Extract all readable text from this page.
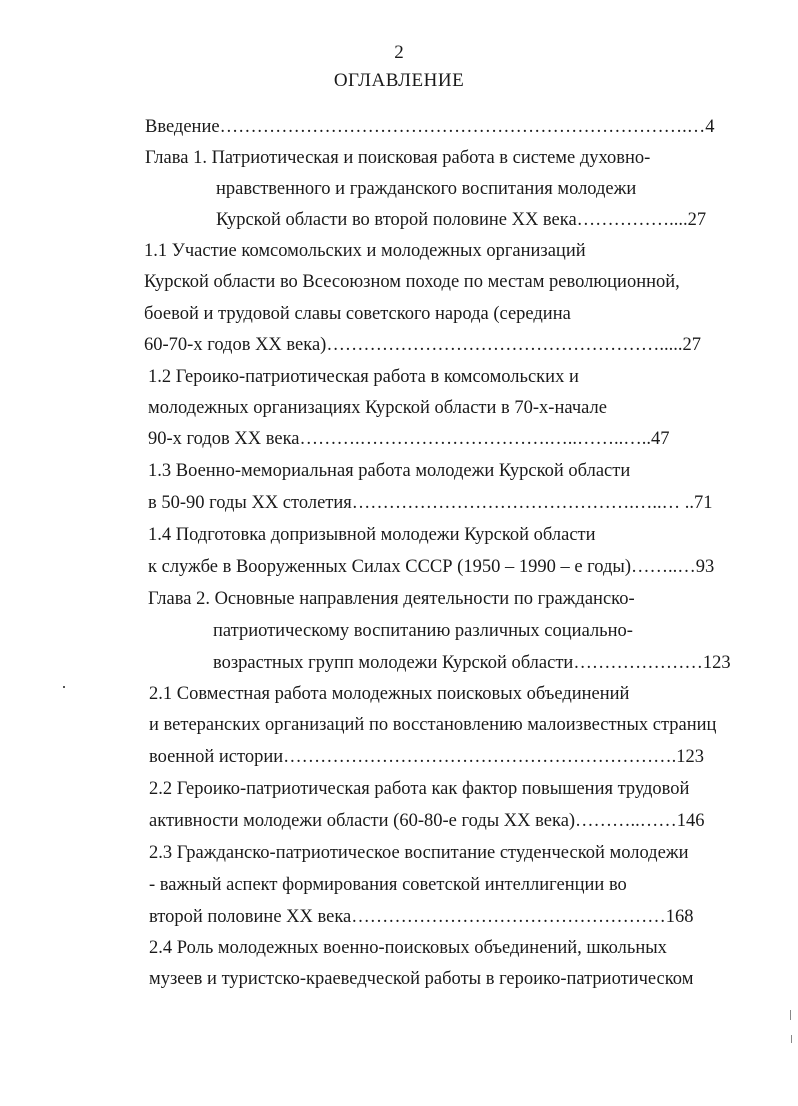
2
ОГЛАВЛЕНИЕ
Введение………………………………………………………………….…4
Глава 1. Патриотическая и поисковая работа в системе духовно-
нравственного и гражданского воспитания молодежи
Курской области во второй половине XX века……………....27
1.1 Участие комсомольских и молодежных организаций
Курской области во Всесоюзном походе по местам революционной,
боевой и трудовой славы советского народа (середина
60-70-х годов XX века)……………………………………………….....27
1.2 Героико-патриотическая работа в комсомольских и
молодежных организациях Курской области в 70-х-начале
90-х годов XX века……….………………………….…..……..…..47
1.3 Военно-мемориальная работа молодежи Курской области
в 50-90 годы XX столетия……………………………………….…..… ..71
1.4 Подготовка допризывной молодежи Курской области
к службе в Вооруженных Силах СССР (1950 – 1990 – е годы)……..…93
Глава 2. Основные направления деятельности по гражданско-
патриотическому воспитанию различных социально-
возрастных групп молодежи Курской области…………………123
2.1 Совместная работа молодежных поисковых объединений
и ветеранских организаций по восстановлению малоизвестных страниц
военной истории……………………………………………………….123
2.2 Героико-патриотическая работа как фактор повышения трудовой
активности молодежи области (60-80-е годы XX века)………..……146
2.3 Гражданско-патриотическое воспитание студенческой молодежи
- важный аспект формирования советской интеллигенции во
второй половине XX века……………………………………………168
2.4 Роль молодежных военно-поисковых объединений, школьных
музеев и туристско-краеведческой работы в героико-патриотическом
